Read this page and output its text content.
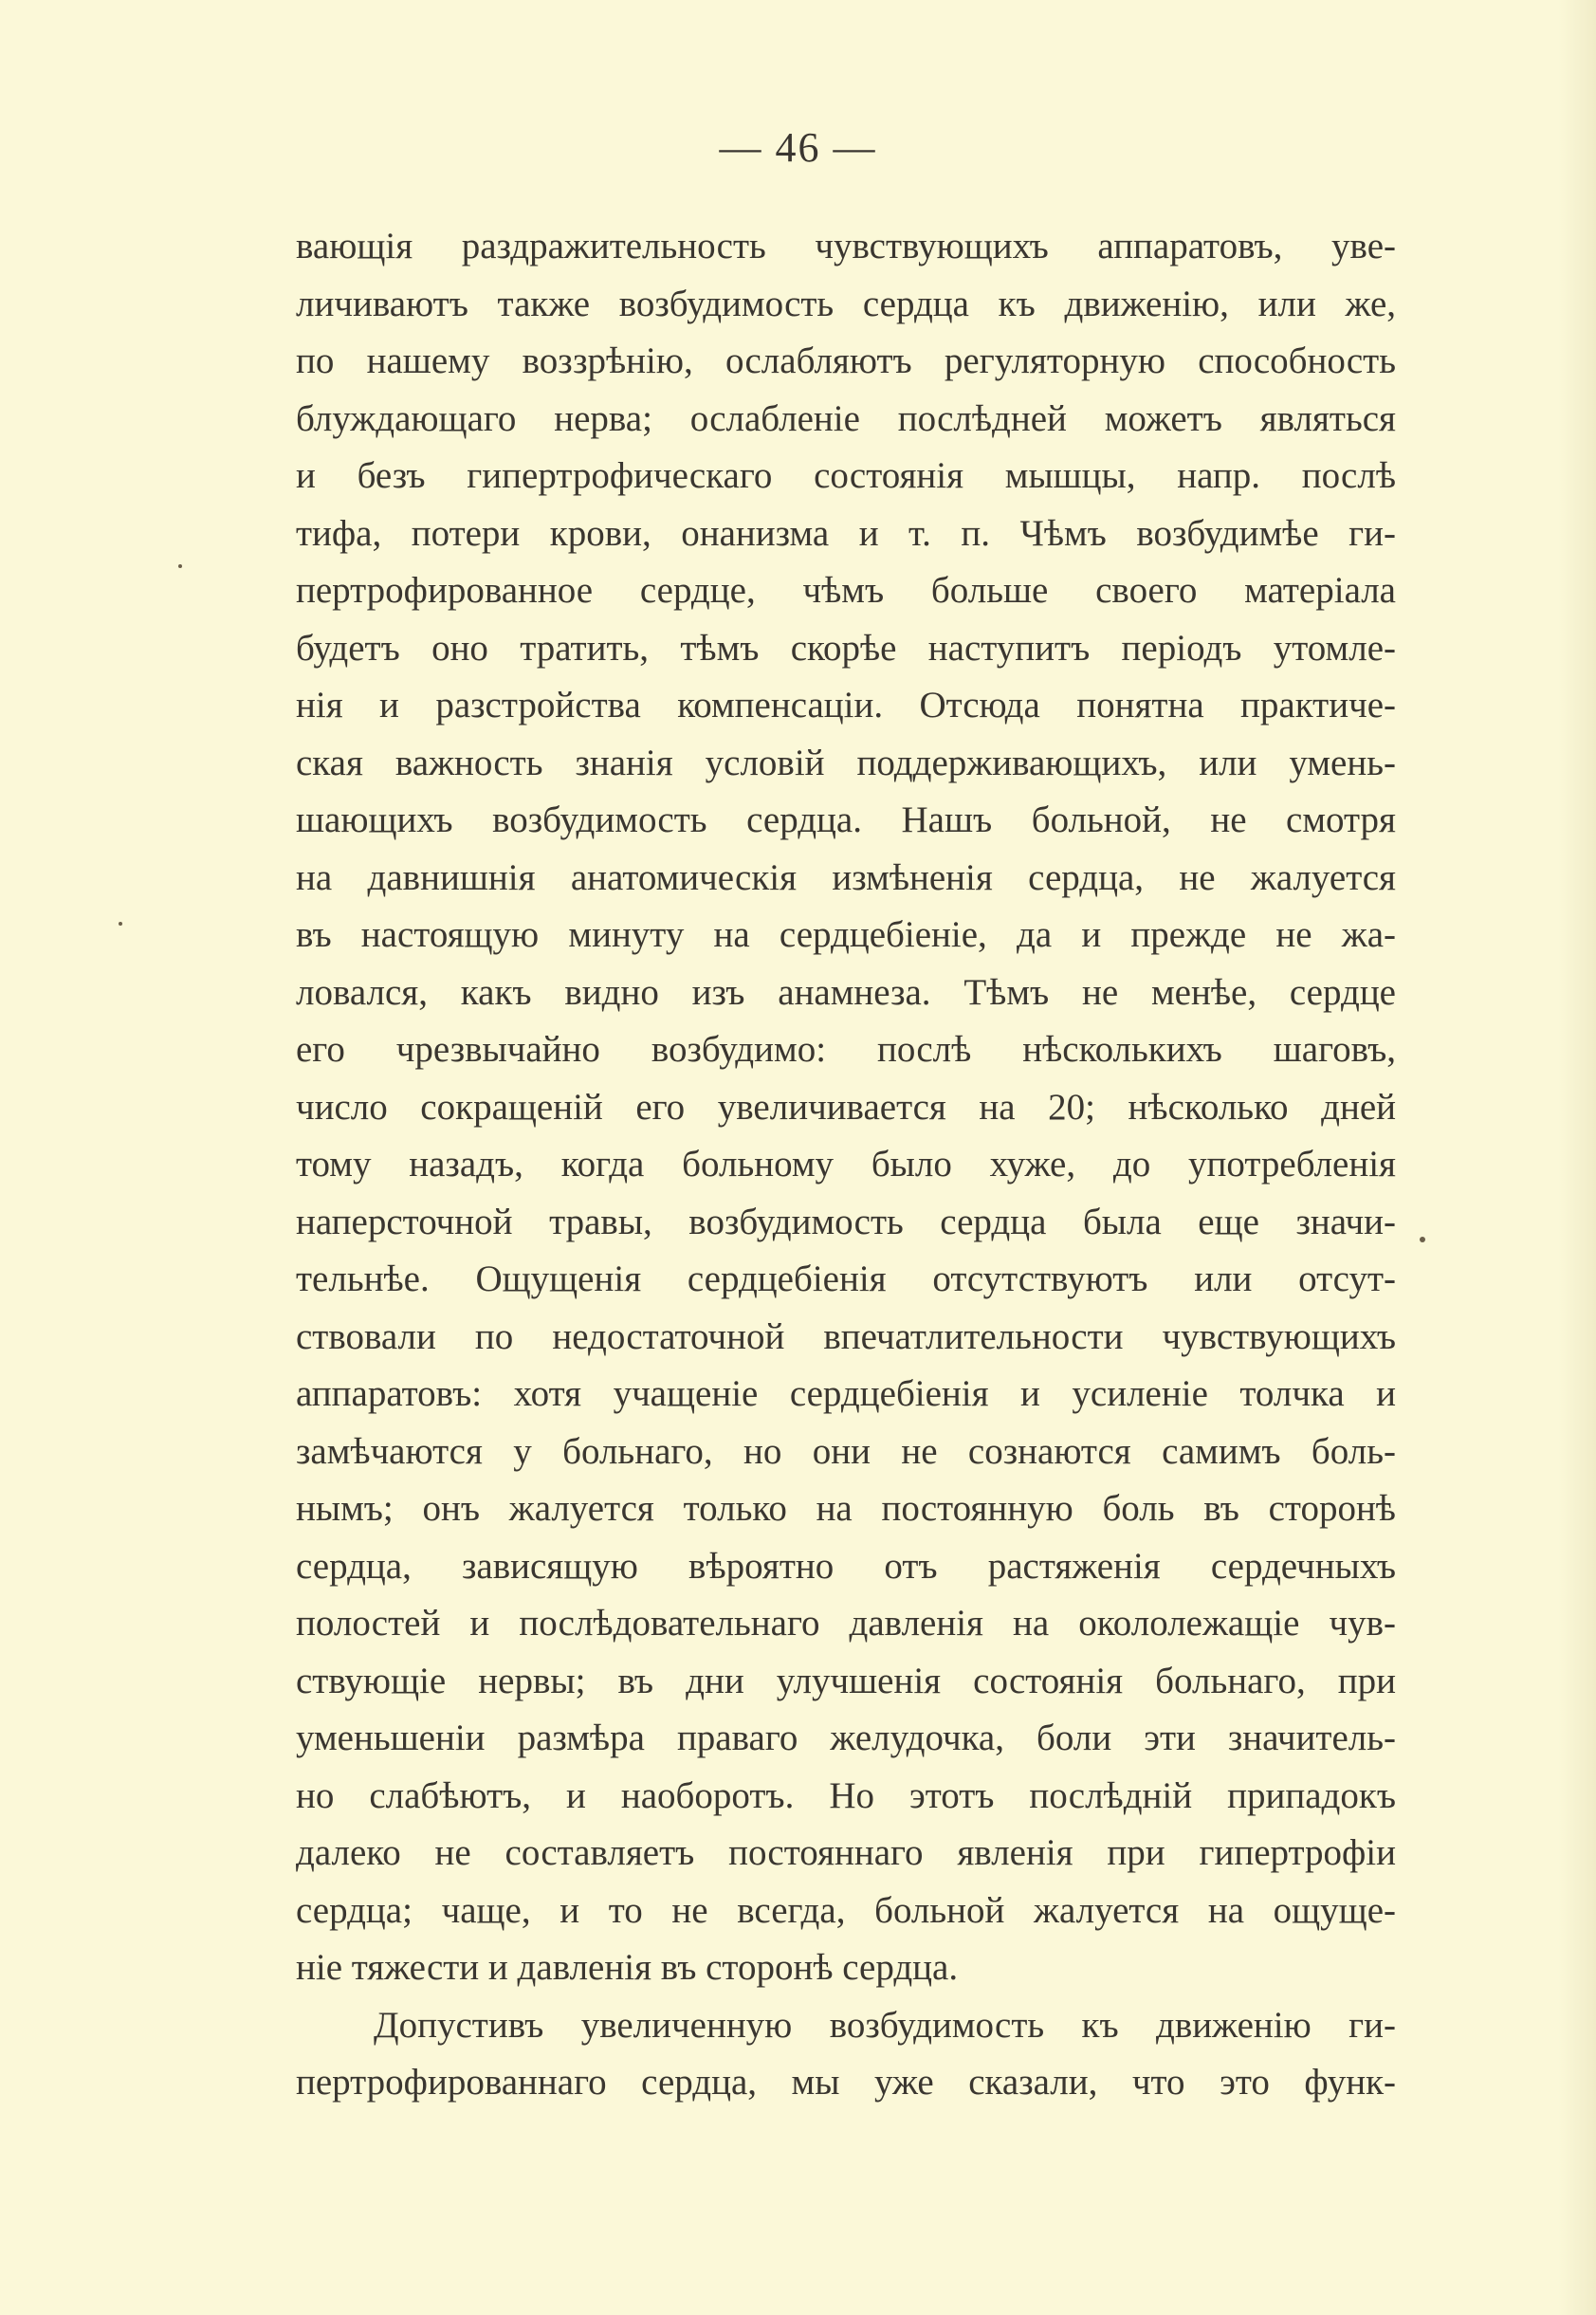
— 46 —
вающія раздражительность чувствующихъ аппаратовъ, уве-
личиваютъ также возбудимость сердца къ движенію, или же,
по нашему воззрѣнію, ослабляютъ регуляторную способность
блуждающаго нерва; ослабленіе послѣдней можетъ являться
и безъ гипертрофическаго состоянія мышцы, напр. послѣ
тифа, потери крови, онанизма и т. п. Чѣмъ возбудимѣе ги-
пертрофированное сердце, чѣмъ больше своего матеріала
будетъ оно тратить, тѣмъ скорѣе наступитъ періодъ утомле-
нія и разстройства компенсаціи. Отсюда понятна практиче-
ская важность знанія условій поддерживающихъ, или умень-
шающихъ возбудимость сердца. Нашъ больной, не смотря
на давнишнія анатомическія измѣненія сердца, не жалуется
въ настоящую минуту на сердцебіеніе, да и прежде не жа-
ловался, какъ видно изъ анамнеза. Тѣмъ не менѣе, сердце
его чрезвычайно возбудимо: послѣ нѣсколькихъ шаговъ,
число сокращеній его увеличивается на 20; нѣсколько дней
тому назадъ, когда больному было хуже, до употребленія
наперсточной травы, возбудимость сердца была еще значи-
тельнѣе. Ощущенія сердцебіенія отсутствуютъ или отсут-
ствовали по недостаточной впечатлительности чувствующихъ
аппаратовъ: хотя учащеніе сердцебіенія и усиленіе толчка и
замѣчаются у больнаго, но они не сознаются самимъ боль-
нымъ; онъ жалуется только на постоянную боль въ сторонѣ
сердца, зависящую вѣроятно отъ растяженія сердечныхъ
полостей и послѣдовательнаго давленія на окололежащіе чув-
ствующіе нервы; въ дни улучшенія состоянія больнаго, при
уменьшеніи размѣра праваго желудочка, боли эти значитель-
но слабѣютъ, и наоборотъ. Но этотъ послѣдній припадокъ
далеко не составляетъ постояннаго явленія при гипертрофіи
сердца; чаще, и то не всегда, больной жалуется на ощуще-
ніе тяжести и давленія въ сторонѣ сердца.
Допустивъ увеличенную возбудимость къ движенію ги-
пертрофированнаго сердца, мы уже сказали, что это функ-
